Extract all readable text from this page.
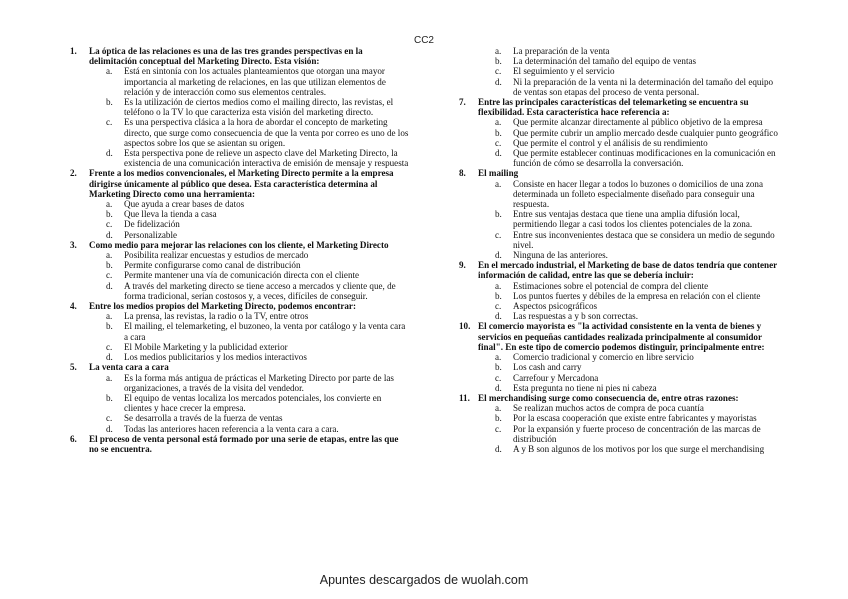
CC2
1. La óptica de las relaciones es una de las tres grandes perspectivas en la delimitación conceptual del Marketing Directo. Esta visión:
a. Está en sintonía con los actuales planteamientos que otorgan una mayor importancia al marketing de relaciones, en las que utilizan elementos de relación y de interacción como sus elementos centrales.
b. Es la utilización de ciertos medios como el mailing directo, las revistas, el teléfono o la TV lo que caracteriza esta visión del marketing directo.
c. Es una perspectiva clásica a la hora de abordar el concepto de marketing directo, que surge como consecuencia de que la venta por correo es uno de los aspectos sobre los que se asientan su origen.
d. Esta perspectiva pone de relieve un aspecto clave del Marketing Directo, la existencia de una comunicación interactiva de emisión de mensaje y respuesta
2. Frente a los medios convencionales, el Marketing Directo permite a la empresa dirigirse únicamente al público que desea. Esta característica determina al Marketing Directo como una herramienta:
a. Que ayuda a crear bases de datos
b. Que lleva la tienda a casa
c. De fidelización
d. Personalizable
3. Como medio para mejorar las relaciones con los cliente, el Marketing Directo
a. Posibilita realizar encuestas y estudios de mercado
b. Permite configurarse como canal de distribución
c. Permite mantener una vía de comunicación directa con el cliente
d. A través del marketing directo se tiene acceso a mercados y cliente que, de forma tradicional, serían costosos y, a veces, difíciles de conseguir.
4. Entre los medios propios del Marketing Directo, podemos encontrar:
a. La prensa, las revistas, la radio o la TV, entre otros
b. El mailing, el telemarketing, el buzoneo, la venta por catálogo y la venta cara a cara
c. El Mobile Marketing y la publicidad exterior
d. Los medios publicitarios y los medios interactivos
5. La venta cara a cara
a. Es la forma más antigua de prácticas el Marketing Directo por parte de las organizaciones, a través de la visita del vendedor.
b. El equipo de ventas localiza los mercados potenciales, los convierte en clientes y hace crecer la empresa.
c. Se desarrolla a través de la fuerza de ventas
d. Todas las anteriores hacen referencia a la venta cara a cara.
6. El proceso de venta personal está formado por una serie de etapas, entre las que no se encuentra.
a. La preparación de la venta
b. La determinación del tamaño del equipo de ventas
c. El seguimiento y el servicio
d. Ni la preparación de la venta ni la determinación del tamaño del equipo de ventas son etapas del proceso de venta personal.
7. Entre las principales características del telemarketing se encuentra su flexibilidad. Esta característica hace referencia a:
a. Que permite alcanzar directamente al público objetivo de la empresa
b. Que permite cubrir un amplio mercado desde cualquier punto geográfico
c. Que permite el control y el análisis de su rendimiento
d. Que permite establecer continuas modificaciones en la comunicación en función de cómo se desarrolla la conversación.
8. El mailing
a. Consiste en hacer llegar a todos lo buzones o domicilios de una zona determinada un folleto especialmente diseñado para conseguir una respuesta.
b. Entre sus ventajas destaca que tiene una amplia difusión local, permitiendo llegar a casi todos los clientes potenciales de la zona.
c. Entre sus inconvenientes destaca que se considera un medio de segundo nivel.
d. Ninguna de las anteriores.
9. En el mercado industrial, el Marketing de base de datos tendría que contener información de calidad, entre las que se debería incluir:
a. Estimaciones sobre el potencial de compra del cliente
b. Los puntos fuertes y débiles de la empresa en relación con el cliente
c. Aspectos psicográficos
d. Las respuestas a y b son correctas.
10. El comercio mayorista es "la actividad consistente en la venta de bienes y servicios en pequeñas cantidades realizada principalmente al consumidor final". En este tipo de comercio podemos distinguir, principalmente entre:
a. Comercio tradicional y comercio en libre servicio
b. Los cash and carry
c. Carrefour y Mercadona
d. Esta pregunta no tiene ni pies ni cabeza
11. El merchandising surge como consecuencia de, entre otras razones:
a. Se realizan muchos actos de compra de poca cuantía
b. Por la escasa cooperación que existe entre fabricantes y mayoristas
c. Por la expansión y fuerte proceso de concentración de las marcas de distribución
d. A y B son algunos de los motivos por los que surge el merchandising
Apuntes descargados de wuolah.com
